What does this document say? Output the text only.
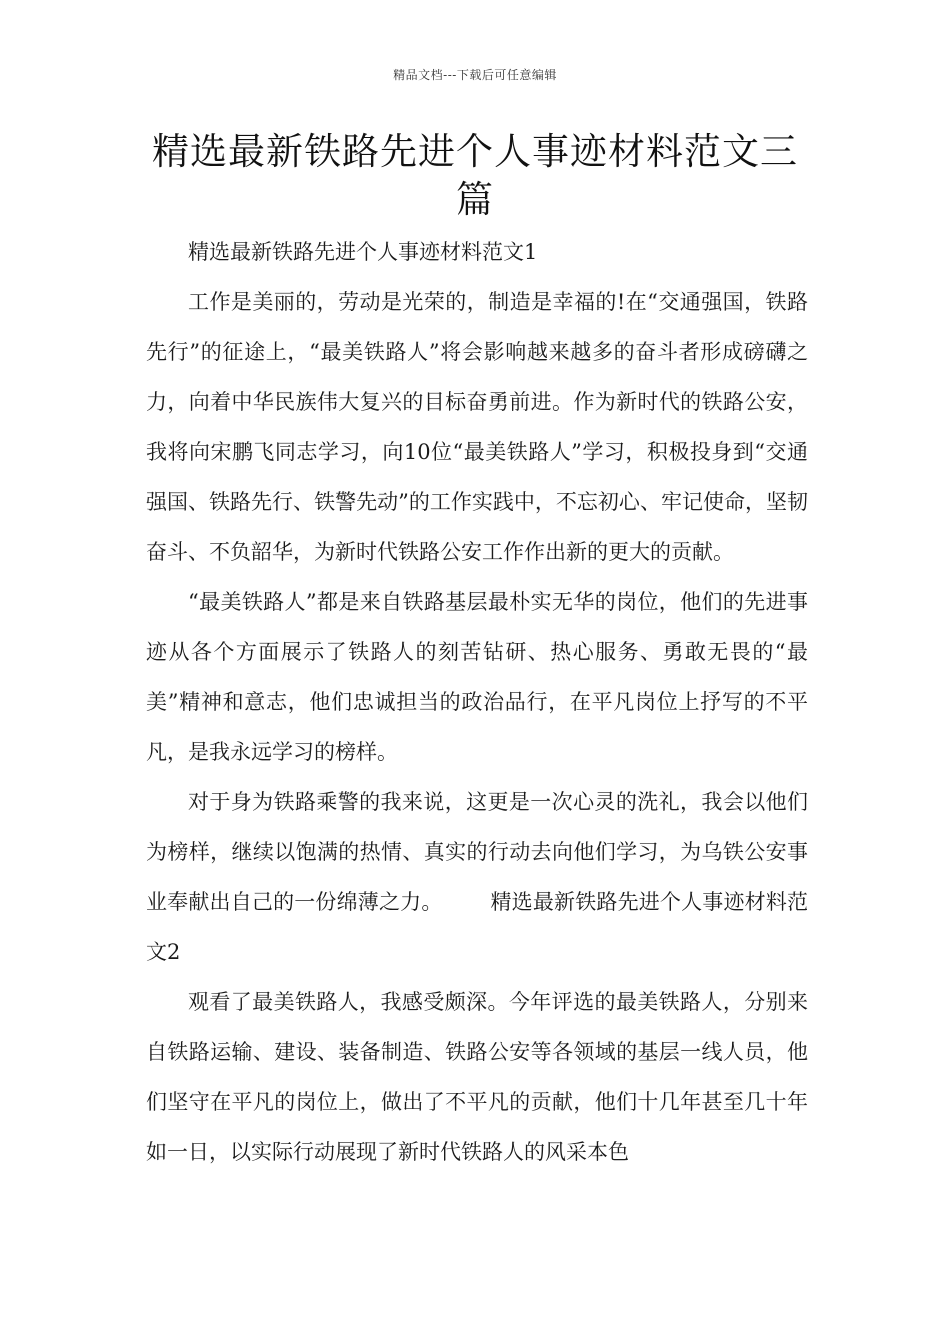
精品文档---下载后可任意编辑
精选最新铁路先进个人事迹材料范文三篇

精选最新铁路先进个人事迹材料范文1

工作是美丽的，劳动是光荣的，制造是幸福的!在“交通强国，铁路先行”的征途上，“最美铁路人”将会影响越来越多的奋斗者形成磅礴之力，向着中华民族伟大复兴的目标奋勇前进。作为新时代的铁路公安，我将向宋鹏飞同志学习，向10位“最美铁路人”学习，积极投身到“交通强国、铁路先行、铁警先动”的工作实践中，不忘初心、牢记使命，坚韧奋斗、不负韶华，为新时代铁路公安工作作出新的更大的贡献。

“最美铁路人”都是来自铁路基层最朴实无华的岗位，他们的先进事迹从各个方面展示了铁路人的刻苦钻研、热心服务、勇敢无畏的“最美”精神和意志，他们忠诚担当的政治品行，在平凡岗位上抒写的不平凡，是我永远学习的榜样。

对于身为铁路乘警的我来说，这更是一次心灵的洗礼，我会以他们为榜样，继续以饱满的热情、真实的行动去向他们学习，为乌铁公安事业奉献出自己的一份绵薄之力。 精选最新铁路先进个人事迹材料范文2

观看了最美铁路人，我感受颇深。今年评选的最美铁路人，分别来自铁路运输、建设、装备制造、铁路公安等各领域的基层一线人员，他们坚守在平凡的岗位上，做出了不平凡的贡献，他们十几年甚至几十年如一日，以实际行动展现了新时代铁路人的风采本色
